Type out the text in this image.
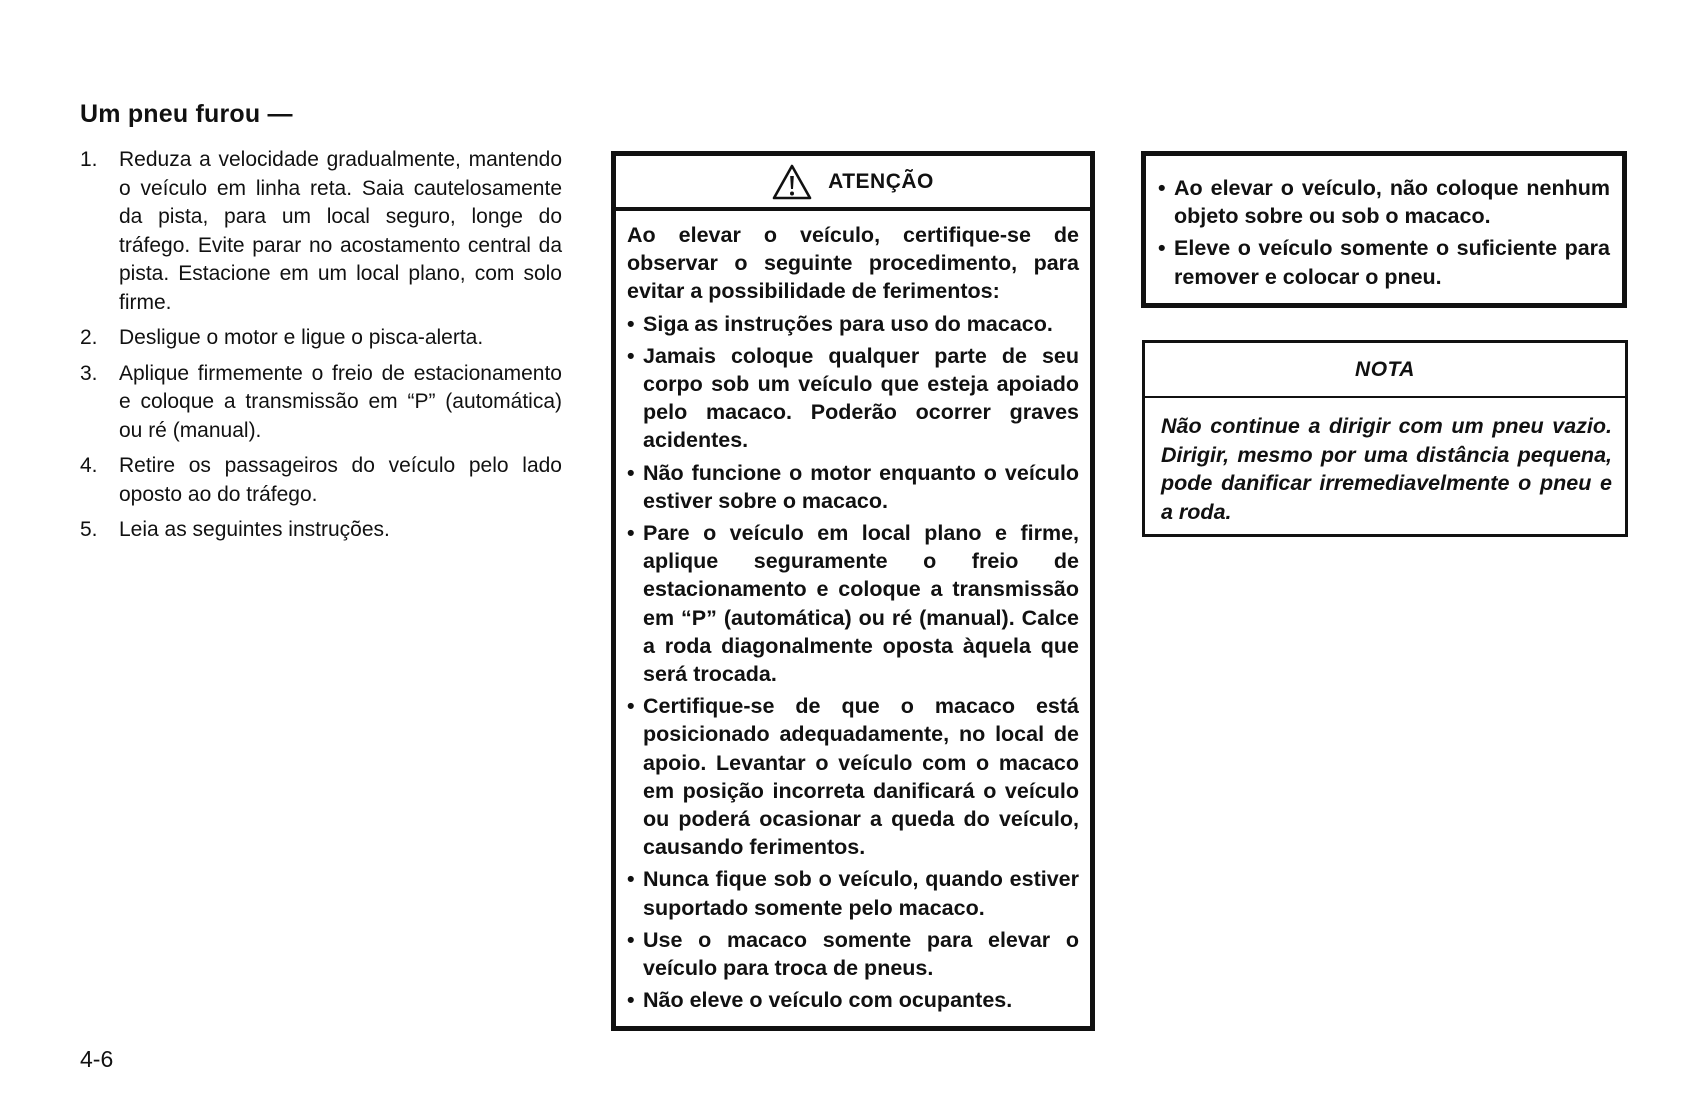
Um pneu furou —
1. Reduza a velocidade gradualmente, mantendo o veículo em linha reta. Saia cautelosamente da pista, para um local seguro, longe do tráfego. Evite parar no acostamento central da pista. Estacione em um local plano, com solo firme.
2. Desligue o motor e ligue o pisca-alerta.
3. Aplique firmemente o freio de estacionamento e coloque a transmissão em “P” (automática) ou ré (manual).
4. Retire os passageiros do veículo pelo lado oposto ao do tráfego.
5. Leia as seguintes instruções.
ATENÇÃO

Ao elevar o veículo, certifique-se de observar o seguinte procedimento, para evitar a possibilidade de ferimentos:

• Siga as instruções para uso do macaco.
• Jamais coloque qualquer parte de seu corpo sob um veículo que esteja apoiado pelo macaco. Poderão ocorrer graves acidentes.
• Não funcione o motor enquanto o veículo estiver sobre o macaco.
• Pare o veículo em local plano e firme, aplique seguramente o freio de estacionamento e coloque a transmissão em “P” (automática) ou ré (manual). Calce a roda diagonalmente oposta àquela que será trocada.
• Certifique-se de que o macaco está posicionado adequadamente, no local de apoio. Levantar o veículo com o macaco em posição incorreta danificará o veículo ou poderá ocasionar a queda do veículo, causando ferimentos.
• Nunca fique sob o veículo, quando estiver suportado somente pelo macaco.
• Use o macaco somente para elevar o veículo para troca de pneus.
• Não eleve o veículo com ocupantes.
• Ao elevar o veículo, não coloque nenhum objeto sobre ou sob o macaco.
• Eleve o veículo somente o suficiente para remover e colocar o pneu.
NOTA
Não continue a dirigir com um pneu vazio. Dirigir, mesmo por uma distância pequena, pode danificar irremediavelmente o pneu e a roda.
4-6
